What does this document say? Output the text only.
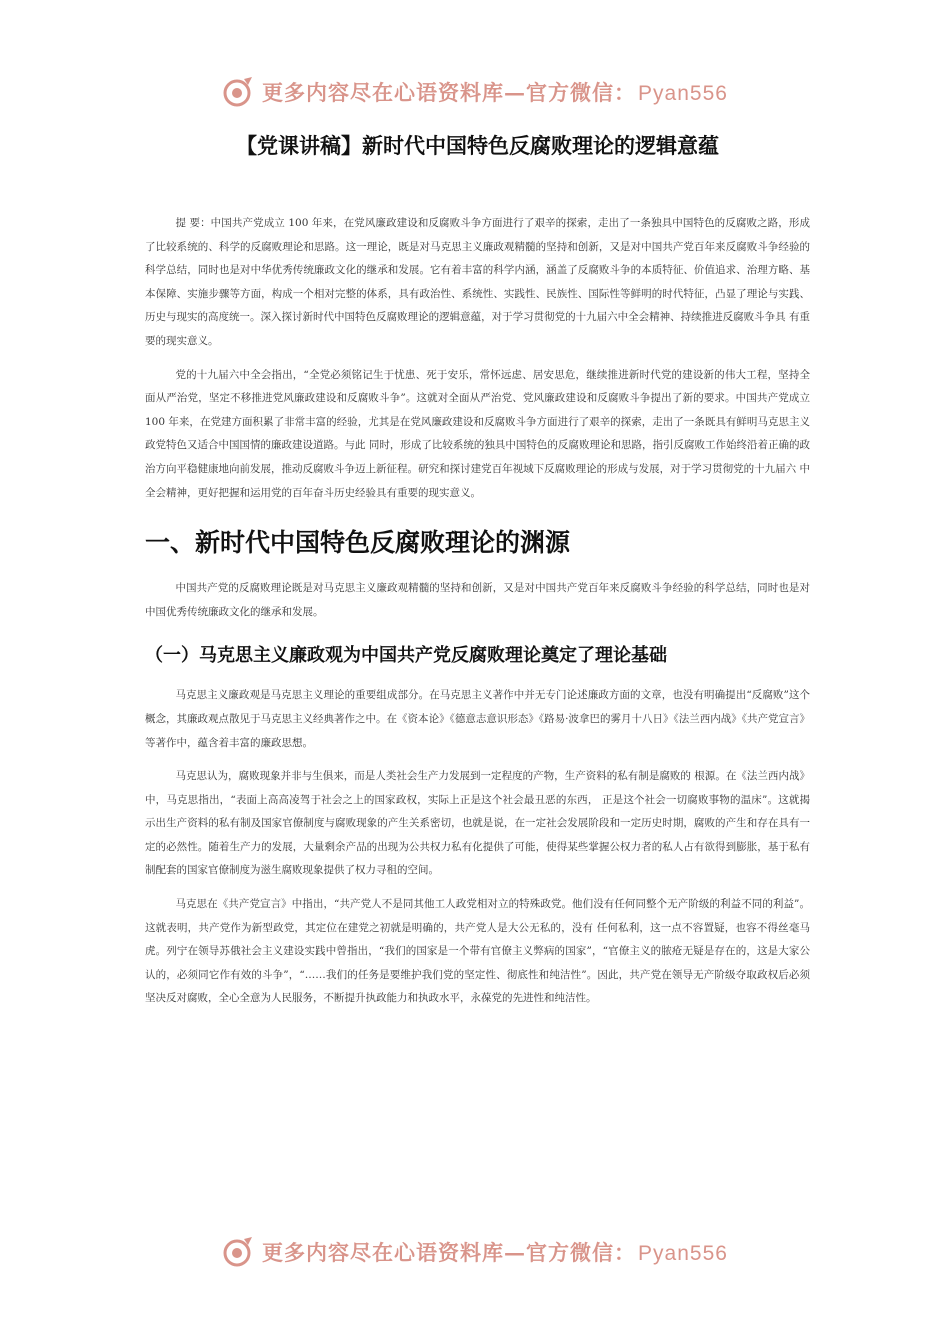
更多内容尽在心语资料库—官方微信：Pyan556
【党课讲稿】新时代中国特色反腐败理论的逻辑意蕴

提 要：中国共产党成立 100 年来，在党风廉政建设和反腐败斗争方面进行了艰辛的探索，走出了一条独具中国特色的反腐败之路，形成了比较系统的、科学的反腐败理论和思路。这一理论，既是对马克思主义廉政观精髓的坚持和创新，又是对中国共产党百年来反腐败斗争经验的科学总结，同时也是对中华优秀传统廉政文化的继承和发展。它有着丰富的科学内涵，涵盖了反腐败斗争的本质特征、价值追求、治理方略、基本保障、实施步骤等方面，构成一个相对完整的体系，具有政治性、系统性、实践性、民族性、国际性等鲜明的时代特征，凸显了理论与实践、历史与现实的高度统一。深入探讨新时代中国特色反腐败理论的逻辑意蕴，对于学习贯彻党的十九届六中全会精神、持续推进反腐败斗争具 有重要的现实意义。

党的十九届六中全会指出，“全党必须铭记生于忧患、死于安乐，常怀远虑、居安思危，继续推进新时代党的建设新的伟大工程，坚持全面从严治党，坚定不移推进党风廉政建设和反腐败斗争”。这就对全面从严治党、党风廉政建设和反腐败斗争提出了新的要求。中国共产党成立 100 年来，在党建方面积累了非常丰富的经验，尤其是在党风廉政建设和反腐败斗争方面进行了艰辛的探索，走出了一条既具有鲜明马克思主义政党特色又适合中国国情的廉政建设道路。与此 同时，形成了比较系统的独具中国特色的反腐败理论和思路，指引反腐败工作始终沿着正确的政治方向平稳健康地向前发展，推动反腐败斗争迈上新征程。研究和探讨建党百年视域下反腐败理论的形成与发展，对于学习贯彻党的十九届六 中全会精神，更好把握和运用党的百年奋斗历史经验具有重要的现实意义。

一、新时代中国特色反腐败理论的渊源

中国共产党的反腐败理论既是对马克思主义廉政观精髓的坚持和创新，又是对中国共产党百年来反腐败斗争经验的科学总结，同时也是对中国优秀传统廉政文化的继承和发展。

（一）马克思主义廉政观为中国共产党反腐败理论奠定了理论基础

马克思主义廉政观是马克思主义理论的重要组成部分。在马克思主义著作中并无专门论述廉政方面的文章，也没有明确提出“反腐败”这个概念，其廉政观点散见于马克思主义经典著作之中。在《资本论》《德意志意识形态》《路易·波拿巴的雾月十八日》《法兰西内战》《共产党宣言》等著作中，蕴含着丰富的廉政思想。

马克思认为，腐败现象并非与生俱来，而是人类社会生产力发展到一定程度的产物，生产资料的私有制是腐败的 根源。在《法兰西内战》中，马克思指出，“表面上高高凌驾于社会之上的国家政权，实际上正是这个社会最丑恶的东西， 正是这个社会一切腐败事物的温床”。这就揭示出生产资料的私有制及国家官僚制度与腐败现象的产生关系密切，也就是说，在一定社会发展阶段和一定历史时期，腐败的产生和存在具有一定的必然性。随着生产力的发展，大量剩余产品的出现为公共权力私有化提供了可能，使得某些掌握公权力者的私人占有欲得到膨胀，基于私有制配套的国家官僚制度为滋生腐败现象提供了权力寻租的空间。

马克思在《共产党宣言》中指出，“共产党人不是同其他工人政党相对立的特殊政党。他们没有任何同整个无产阶级的利益不同的利益”。这就表明，共产党作为新型政党，其定位在建党之初就是明确的，共产党人是大公无私的，没有 任何私利，这一点不容置疑，也容不得丝毫马虎。列宁在领导苏俄社会主义建设实践中曾指出，“我们的国家是一个带有官僚主义弊病的国家”，“官僚主义的脓疮无疑是存在的，这是大家公认的，必须同它作有效的斗争”，“……我们的任务是要维护我们党的坚定性、彻底性和纯洁性”。因此，共产党在领导无产阶级夺取政权后必须坚决反对腐败，全心全意为人民服务，不断提升执政能力和执政水平，永葆党的先进性和纯洁性。

更多内容尽在心语资料库—官方微信：Pyan556
